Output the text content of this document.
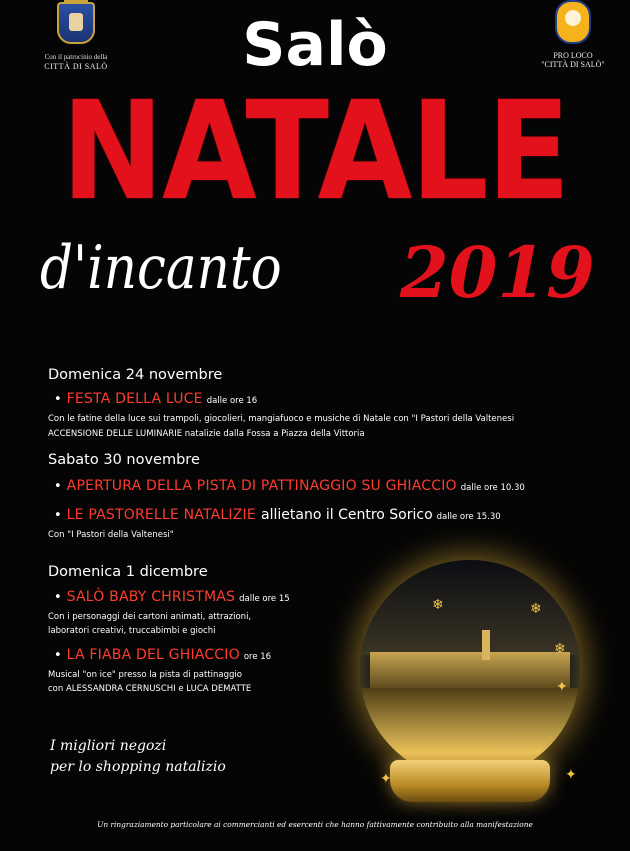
Con il patrocinio della
CITTÀ DI SALÒ
PRO LOCO
"CITTÀ DI SALÒ"
Salò
NATALE
d'incanto 2019
Domenica 24 novembre
• FESTA DELLA LUCE dalle ore 16
Con le fatine della luce sui trampoli, giocolieri, mangiafuoco e musiche di Natale con "I Pastori della Valtenesi
ACCENSIONE DELLE LUMINARIE natalizie dalla Fossa a Piazza della Vittoria
Sabato 30 novembre
• APERTURA DELLA PISTA DI PATTINAGGIO SU GHIACCIO dalle ore 10.30
• LE PASTORELLE NATALIZIE allietano il Centro Sorico dalle ore 15.30
Con "I Pastori della Valtenesi"
Domenica 1 dicembre
• SALÒ BABY CHRISTMAS dalle ore 15
Con i personaggi dei cartoni animati, attrazioni,
laboratori creativi, truccabimbi e giochi
• LA FIABA DEL GHIACCIO ore 16
Musical "on ice" presso la pista di pattinaggio
con ALESSANDRA CERNUSCHI e LUCA DEMATTE
❄	❄
❄
✦
✦	✦
I migliori negozi
per lo shopping natalizio
Un ringraziamento particolare ai commercianti ed esercenti che hanno fattivamente contribuito alla manifestazione
